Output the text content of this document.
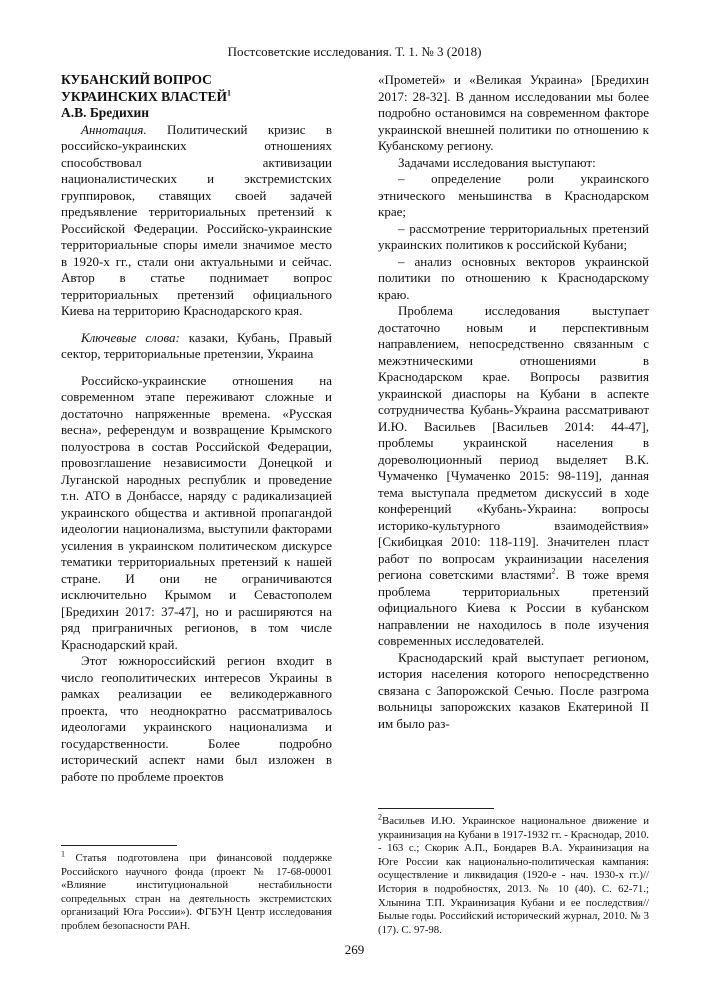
Постсоветские исследования. Т. 1. № 3 (2018)

КУБАНСКИЙ ВОПРОС
УКРАИНСКИХ ВЛАСТЕЙ$^1$

А.В. Бредихин

Аннотация. Политический кризис в российско-украинских отношениях способствовал активизации националистических и экстремистских группировок, ставящих своей задачей предъявление территориальных претензий к Российской Федерации. Российско-украинские территориальные споры имели значимое место в 1920-х гг., стали они актуальными и сейчас. Автор в статье поднимает вопрос территориальных претензий официального Киева на территорию Краснодарского края.

Ключевые слова: казаки, Кубань, Правый сектор, территориальные претензии, Украина

Российско-украинские отношения на современном этапе переживают сложные и достаточно напряженные времена. «Русская весна», референдум и возвращение Крымского полуострова в состав Российской Федерации, провозглашение независимости Донецкой и Луганской народных республик и проведение т.н. АТО в Донбассе, наряду с радикализацией украинского общества и активной пропагандой идеологии национализма, выступили факторами усиления в украинском политическом дискурсе тематики территориальных претензий к нашей стране. И они не ограничиваются исключительно Крымом и Севастополем [Бредихин 2017: 37-47], но и расширяются на ряд приграничных регионов, в том числе Краснодарский край.

Этот южнороссийский регион входит в число геополитических интересов Украины в рамках реализации ее великодержавного проекта, что неоднократно рассматривалось идеологами украинского национализма и государственности. Более подробно исторический аспект нами был изложен в работе по проблеме проектов

$^1$ Статья подготовлена при финансовой поддержке Российского научного фонда (проект № 17-68-00001 «Влияние институциональной нестабильности сопредельных стран на деятельность экстремистских организаций Юга России»). ФГБУН Центр исследования проблем безопасности РАН.

«Прометей» и «Великая Украина» [Бредихин 2017: 28-32]. В данном исследовании мы более подробно остановимся на современном факторе украинской внешней политики по отношению к Кубанскому региону.

Задачами исследования выступают:

– определение роли украинского этнического меньшинства в Краснодарском крае;

– рассмотрение территориальных претензий украинских политиков к российской Кубани;

– анализ основных векторов украинской политики по отношению к Краснодарскому краю.

Проблема исследования выступает достаточно новым и перспективным направлением, непосредственно связанным с межэтническими отношениями в Краснодарском крае. Вопросы развития украинской диаспоры на Кубани в аспекте сотрудничества Кубань-Украина рассматривают И.Ю. Васильев [Васильев 2014: 44-47], проблемы украинской населения в дореволюционный период выделяет В.К. Чумаченко [Чумаченко 2015: 98-119], данная тема выступала предметом дискуссий в ходе конференций «Кубань-Украина: вопросы историко-культурного взаимодействия» [Скибицкая 2010: 118-119]. Значителен пласт работ по вопросам украинизации населения региона советскими властями$^2$. В тоже время проблема территориальных претензий официального Киева к России в кубанском направлении не находилось в поле изучения современных исследователей.

Краснодарский край выступает регионом, история населения которого непосредственно связана с Запорожской Сечью. После разгрома вольницы запорожских казаков Екатериной II им было раз-

$^2$Васильев И.Ю. Украинское национальное движение и украинизация на Кубани в 1917-1932 гг. - Краснодар, 2010. - 163 с.; Скорик А.П., Бондарев В.А. Украинизация на Юге России как национально-политическая кампания: осуществление и ликвидация (1920-е - нач. 1930-х гг.)// История в подробностях, 2013. № 10 (40). С. 62-71.; Хлынина Т.П. Украинизация Кубани и ее последствия// Былые годы. Российский исторический журнал, 2010. № 3 (17). С. 97-98.

269
